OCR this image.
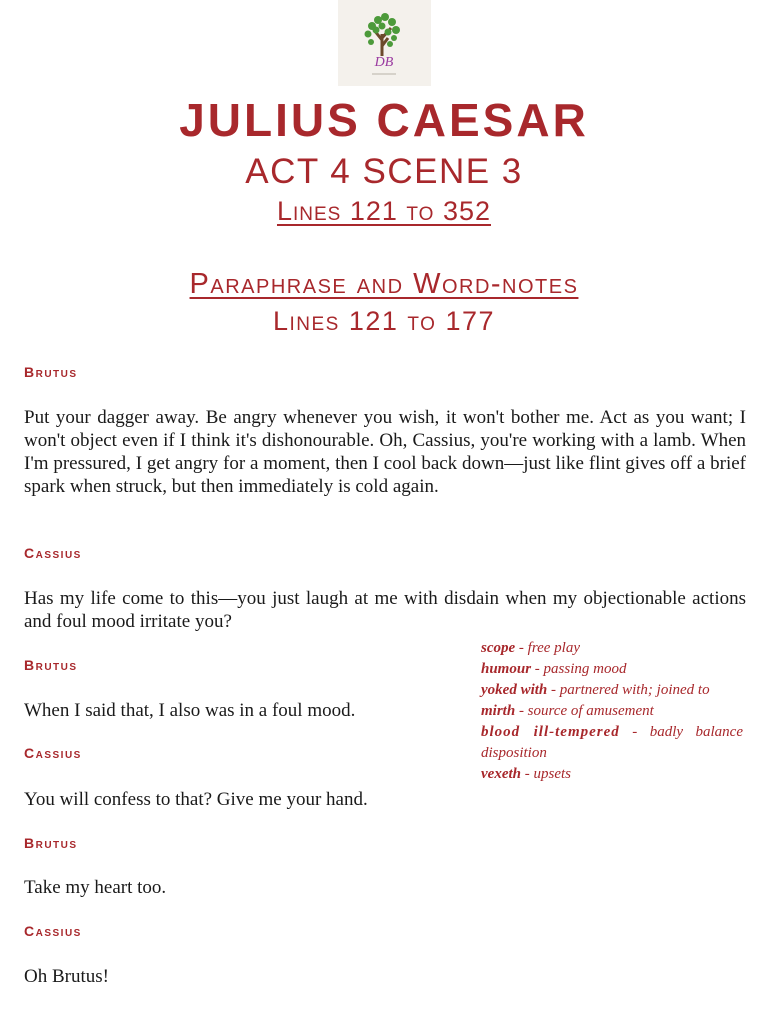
DB
JULIUS CAESAR
ACT 4 SCENE 3
Lines 121 to 352
Paraphrase and Word-notes
Lines 121 to 177

Brutus

Put your dagger away. Be angry whenever you wish, it won't bother me. Act as you want; I won't object even if I think it's dishonourable. Oh, Cassius, you're working with a lamb. When I'm pressured, I get angry for a moment, then I cool back down—just like flint gives off a brief spark when struck, but then immediately is cold again.

Cassius

Has my life come to this—you just laugh at me with disdain when my objectionable actions and foul mood irritate you?

Brutus

When I said that, I also was in a foul mood.

Cassius

You will confess to that? Give me your hand.

Brutus

Take my heart too.

Cassius

Oh Brutus!

scope - free play

humour - passing mood

yoked with - partnered with; joined to

mirth - source of amusement

blood ill-tempered - badly balance disposition

vexeth - upsets
